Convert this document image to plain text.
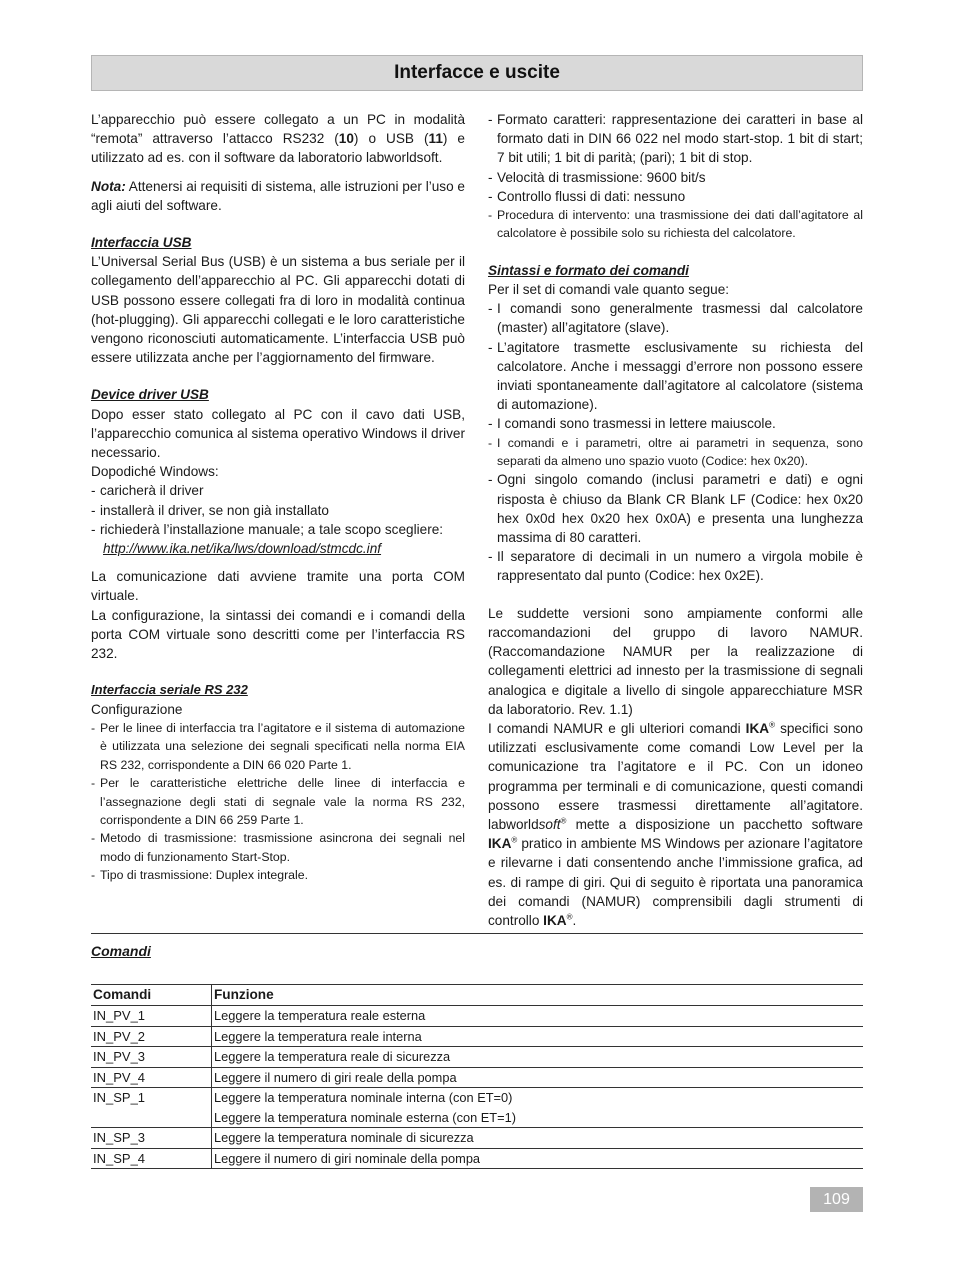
Interfacce e uscite

L’apparecchio può essere collegato a un PC in modalità “remota” attraverso l’attacco RS232 (10) o USB (11) e utilizzato ad es. con il software da laboratorio labworldsoft.

Nota: Attenersi ai requisiti di sistema, alle istruzioni per l’uso e agli aiuti del software.

Interfaccia USB

L’Universal Serial Bus (USB) è un sistema a bus seriale per il collegamento dell’apparecchio al PC. Gli apparecchi dotati di USB possono essere collegati fra di loro in modalità continua (hot-plugging). Gli apparecchi collegati e le loro caratteristiche vengono riconosciuti automaticamente. L’interfaccia USB può essere utilizzata anche per l’aggiornamento del firmware.

Device driver USB

Dopo esser stato collegato al PC con il cavo dati USB, l’apparecchio comunica al sistema operativo Windows il driver necessario.

Dopodiché Windows:

- caricherà il driver
- installerà il driver, se non già installato
- richiederà l’installazione manuale; a tale scopo scegliere:
http://www.ika.net/ika/lws/download/stmcdc.inf

La comunicazione dati avviene tramite una porta COM virtuale.

La configurazione, la sintassi dei comandi e i comandi della porta COM virtuale sono descritti come per l’interfaccia RS 232.

Interfaccia seriale RS 232

Configurazione

- Per le linee di interfaccia tra l’agitatore e il sistema di automazione è utilizzata una selezione dei segnali specificati nella norma EIA RS 232, corrispondente a DIN 66 020 Parte 1.
- Per le caratteristiche elettriche delle linee di interfaccia e l’assegnazione degli stati di segnale vale la norma RS 232, corrispondente a DIN 66 259 Parte 1.
- Metodo di trasmissione: trasmissione asincrona dei segnali nel modo di funzionamento Start-Stop.
- Tipo di trasmissione: Duplex integrale.
- Formato caratteri: rappresentazione dei caratteri in base al formato dati in DIN 66 022 nel modo start-stop. 1 bit di start; 7 bit utili; 1 bit di parità; (pari); 1 bit di stop.
- Velocità di trasmissione: 9600 bit/s
- Controllo flussi di dati: nessuno
- Procedura di intervento: una trasmissione dei dati dall’agitatore al calcolatore è possibile solo su richiesta del calcolatore.
Sintassi e formato dei comandi

Per il set di comandi vale quanto segue:

- I comandi sono generalmente trasmessi dal calcolatore (master) all’agitatore (slave).
- L’agitatore trasmette esclusivamente su richiesta del calcolatore. Anche i messaggi d’errore non possono essere inviati spontaneamente dall’agitatore al calcolatore (sistema di automazione).
- I comandi sono trasmessi in lettere maiuscole.
- I comandi e i parametri, oltre ai parametri in sequenza, sono separati da almeno uno spazio vuoto (Codice: hex 0x20).
- Ogni singolo comando (inclusi parametri e dati) e ogni risposta è chiuso da Blank CR Blank LF (Codice: hex 0x20 hex 0x0d hex 0x20 hex 0x0A) e presenta una lunghezza massima di 80 caratteri.
- Il separatore di decimali in un numero a virgola mobile è rappresentato dal punto (Codice: hex 0x2E).

Le suddette versioni sono ampiamente conformi alle raccomandazioni del gruppo di lavoro NAMUR. (Raccomandazione NAMUR per la realizzazione di collegamenti elettrici ad innesto per la trasmissione di segnali analogica e digitale a livello di singole apparecchiature MSR da laboratorio. Rev. 1.1)

I comandi NAMUR e gli ulteriori comandi IKA® specifici sono utilizzati esclusivamente come comandi Low Level per la comunicazione tra l’agitatore e il PC. Con un idoneo programma per terminali e di comunicazione, questi comandi possono essere trasmessi direttamente all’agitatore. labworldsoft® mette a disposizione un pacchetto software IKA® pratico in ambiente MS Windows per azionare l’agitatore e rilevarne i dati consentendo anche l’immissione grafica, ad es. di rampe di giri. Qui di seguito è riportata una panoramica dei comandi (NAMUR) comprensibili dagli strumenti di controllo IKA®.

Comandi
Comandi	Funzione
IN_PV_1	Leggere la temperatura reale esterna
IN_PV_2	Leggere la temperatura reale interna
IN_PV_3	Leggere la temperatura reale di sicurezza
IN_PV_4	Leggere il numero di giri reale della pompa
IN_SP_1	Leggere la temperatura nominale interna (con ET=0)
Leggere la temperatura nominale esterna (con ET=1)

IN_SP_3	Leggere la temperatura nominale di sicurezza
IN_SP_4	Leggere il numero di giri nominale della pompa
109
